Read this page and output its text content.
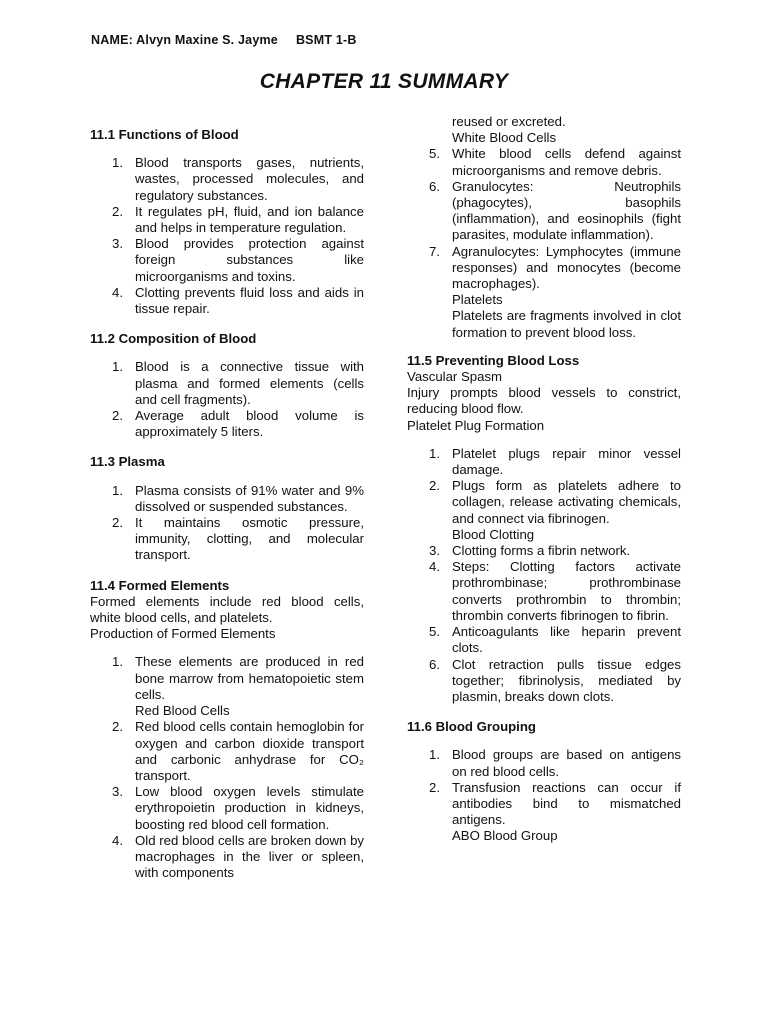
NAME: Alvyn Maxine S. Jayme BSMT 1-B
CHAPTER 11 SUMMARY
11.1 Functions of Blood
1. Blood transports gases, nutrients, wastes, processed molecules, and regulatory substances.
2. It regulates pH, fluid, and ion balance and helps in temperature regulation.
3. Blood provides protection against foreign substances like microorganisms and toxins.
4. Clotting prevents fluid loss and aids in tissue repair.
11.2 Composition of Blood
1. Blood is a connective tissue with plasma and formed elements (cells and cell fragments).
2. Average adult blood volume is approximately 5 liters.
11.3 Plasma
1. Plasma consists of 91% water and 9% dissolved or suspended substances.
2. It maintains osmotic pressure, immunity, clotting, and molecular transport.
11.4 Formed Elements

Formed elements include red blood cells, white blood cells, and platelets.

Production of Formed Elements

1. These elements are produced in red bone marrow from hematopoietic stem cells.
Red Blood Cells
2. Red blood cells contain hemoglobin for oxygen and carbon dioxide transport and carbonic anhydrase for CO₂ transport.
3. Low blood oxygen levels stimulate erythropoietin production in kidneys, boosting red blood cell formation.
4. Old red blood cells are broken down by macrophages in the liver or spleen, with components
reused or excreted.
White Blood Cells
5. White blood cells defend against microorganisms and remove debris.
6. Granulocytes: Neutrophils (phagocytes), basophils (inflammation), and eosinophils (fight parasites, modulate inflammation).
7. Agranulocytes: Lymphocytes (immune responses) and monocytes (become macrophages).
Platelets
Platelets are fragments involved in clot formation to prevent blood loss.
11.5 Preventing Blood Loss

Vascular Spasm

Injury prompts blood vessels to constrict, reducing blood flow.

Platelet Plug Formation

1. Platelet plugs repair minor vessel damage.
2. Plugs form as platelets adhere to collagen, release activating chemicals, and connect via fibrinogen.
Blood Clotting
3. Clotting forms a fibrin network.
4. Steps: Clotting factors activate prothrombinase; prothrombinase converts prothrombin to thrombin; thrombin converts fibrinogen to fibrin.
5. Anticoagulants like heparin prevent clots.
6. Clot retraction pulls tissue edges together; fibrinolysis, mediated by plasmin, breaks down clots.
11.6 Blood Grouping
1. Blood groups are based on antigens on red blood cells.
2. Transfusion reactions can occur if antibodies bind to mismatched antigens.
ABO Blood Group
